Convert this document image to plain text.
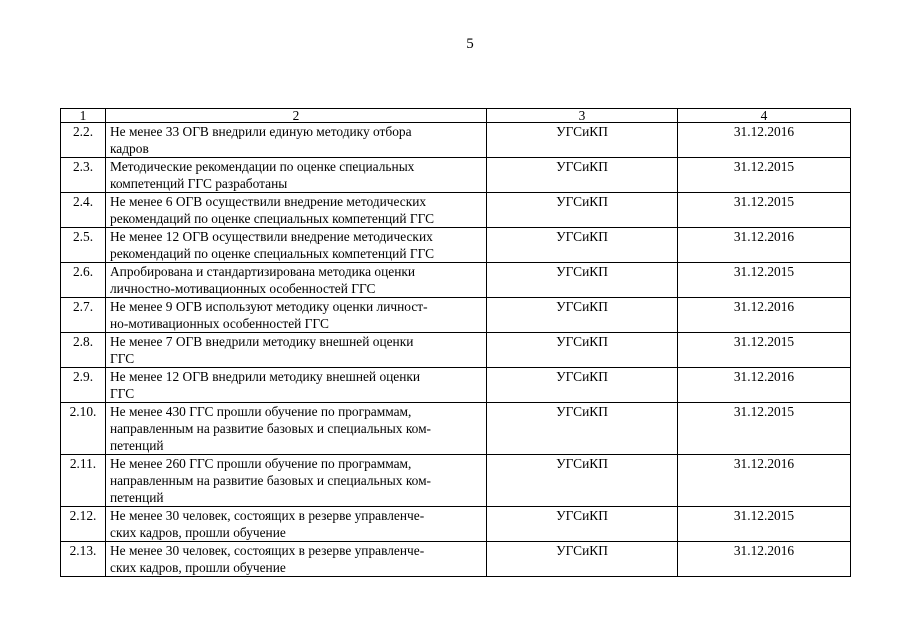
5
1	2	3	4
2.2.	Не менее 33 ОГВ внедрили единую методику отбора
кадров	УГСиКП	31.12.2016
2.3.	Методические рекомендации по оценке специальных
компетенций ГГС разработаны	УГСиКП	31.12.2015
2.4.	Не менее 6 ОГВ осуществили внедрение методических
рекомендаций по оценке специальных компетенций ГГС	УГСиКП	31.12.2015
2.5.	Не менее 12 ОГВ осуществили внедрение методических
рекомендаций по оценке специальных компетенций ГГС	УГСиКП	31.12.2016
2.6.	Апробирована и стандартизирована методика оценки
личностно-мотивационных особенностей ГГС	УГСиКП	31.12.2015
2.7.	Не менее 9 ОГВ используют методику оценки личност-
но-мотивационных особенностей ГГС	УГСиКП	31.12.2016
2.8.	Не менее 7 ОГВ внедрили методику внешней оценки
ГГС	УГСиКП	31.12.2015
2.9.	Не менее 12 ОГВ внедрили методику внешней оценки
ГГС	УГСиКП	31.12.2016
2.10.	Не менее 430 ГГС прошли обучение по программам,
направленным на развитие базовых и специальных ком-
петенций	УГСиКП	31.12.2015
2.11.	Не менее 260 ГГС прошли обучение по программам,
направленным на развитие базовых и специальных ком-
петенций	УГСиКП	31.12.2016
2.12.	Не менее 30 человек, состоящих в резерве управленче-
ских кадров, прошли обучение	УГСиКП	31.12.2015
2.13.	Не менее 30 человек, состоящих в резерве управленче-
ских кадров, прошли обучение	УГСиКП	31.12.2016
